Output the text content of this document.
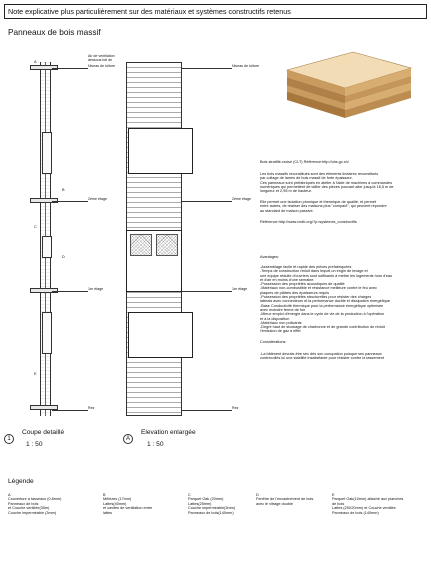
Note explicative plus particulièrement sur des matériaux et systèmes constructifs retenus
Panneaux de bois massif
Air de ventilation
dessous toit de
A
B
C
D
E
Niveau de toiture
2ème étage
1er étage
Rez
Niveau de toiture
2ème étage
1er étage
Rez
Bois stratifié-croisé (CLT) Référence:http://cbs.gc.ch/
Les bois massifs reconstitués sont des éléments linéaires reconstitués
par collage de lames de bois massif de forte épaisseur.
Ces panneaux sont préfabriqués en atelier à l'aide de machines à commandes
numériques qui permettent de tailler des pièces pouvant aller jusqu'à 16,5 m de
longueur et 2,95 m de hauteur.
Elle permet une isolation phonique et thermique de qualité, et permet
entre autres, de réaliser des maisons plus "compact", qui peuvent répondre
au standard de maison passive.
Référence:http://www.cndb.org/?p=systemes_constructifs
Avantages:
-Assemblage facile et rapide des pièces préfabriquées
-Temps de construction réduit dans lequel,un engin de levage et
une équipe réduite d'ouvriers sont suffisants à mettre les logements hors d'eau
et d'air en moins d'une semaine.
-Possession des propriétés acoustiques de qualité
-Matériaux non-combustible et résistance meilleure contre le feu avec
plaques de plâtres des épaisseurs requis
-Possession des propriétés structurelles pour résister des charges
latérals avec connecteurs et la performance ductile et dissipation énergétique
-Base Conductivité thermique pour la performance énergétique optimisée
avec moindre ferme de fuir
-Mieux emploi d'énergie dans le cycle de vie de la production à l'opération
et à la disposition
-Matériaux non polluants
-Degré haut de stockage de charbonne et de grande contribution de réduit
l'émission de gaz à effet
Considérations:
-La bâtiment devrais être sec dès son occupation puisque ses panneaux
contrecollés lui une stabilité insatisfiante pour résister contre la tassement
1
Coupe detaillé
1 : 50
A
Elevation enlargée
1 : 50
Légende
A
Couverture à tasseaux (0.8mm)
Panneaux de bois
et Couche ventilée(35m)
Couche imperméable (3mm)
B
Mélèzes (17mm)
Lattes(40mm)
et cavités de ventilation entre
lattes
C
Parquet Oak (20mm)
Lattes(25mm)
Couche imperméable(3mm)
Panneaux de bois(140mm)
D
Fenêtre de l'encastrement de bois
avec le vitrage double
E
Parquet Oak(10mm) attaché aux planches
de bois
Lattes (25X20mm) et Couche ventilée
Panneaux de bois (140mm)
